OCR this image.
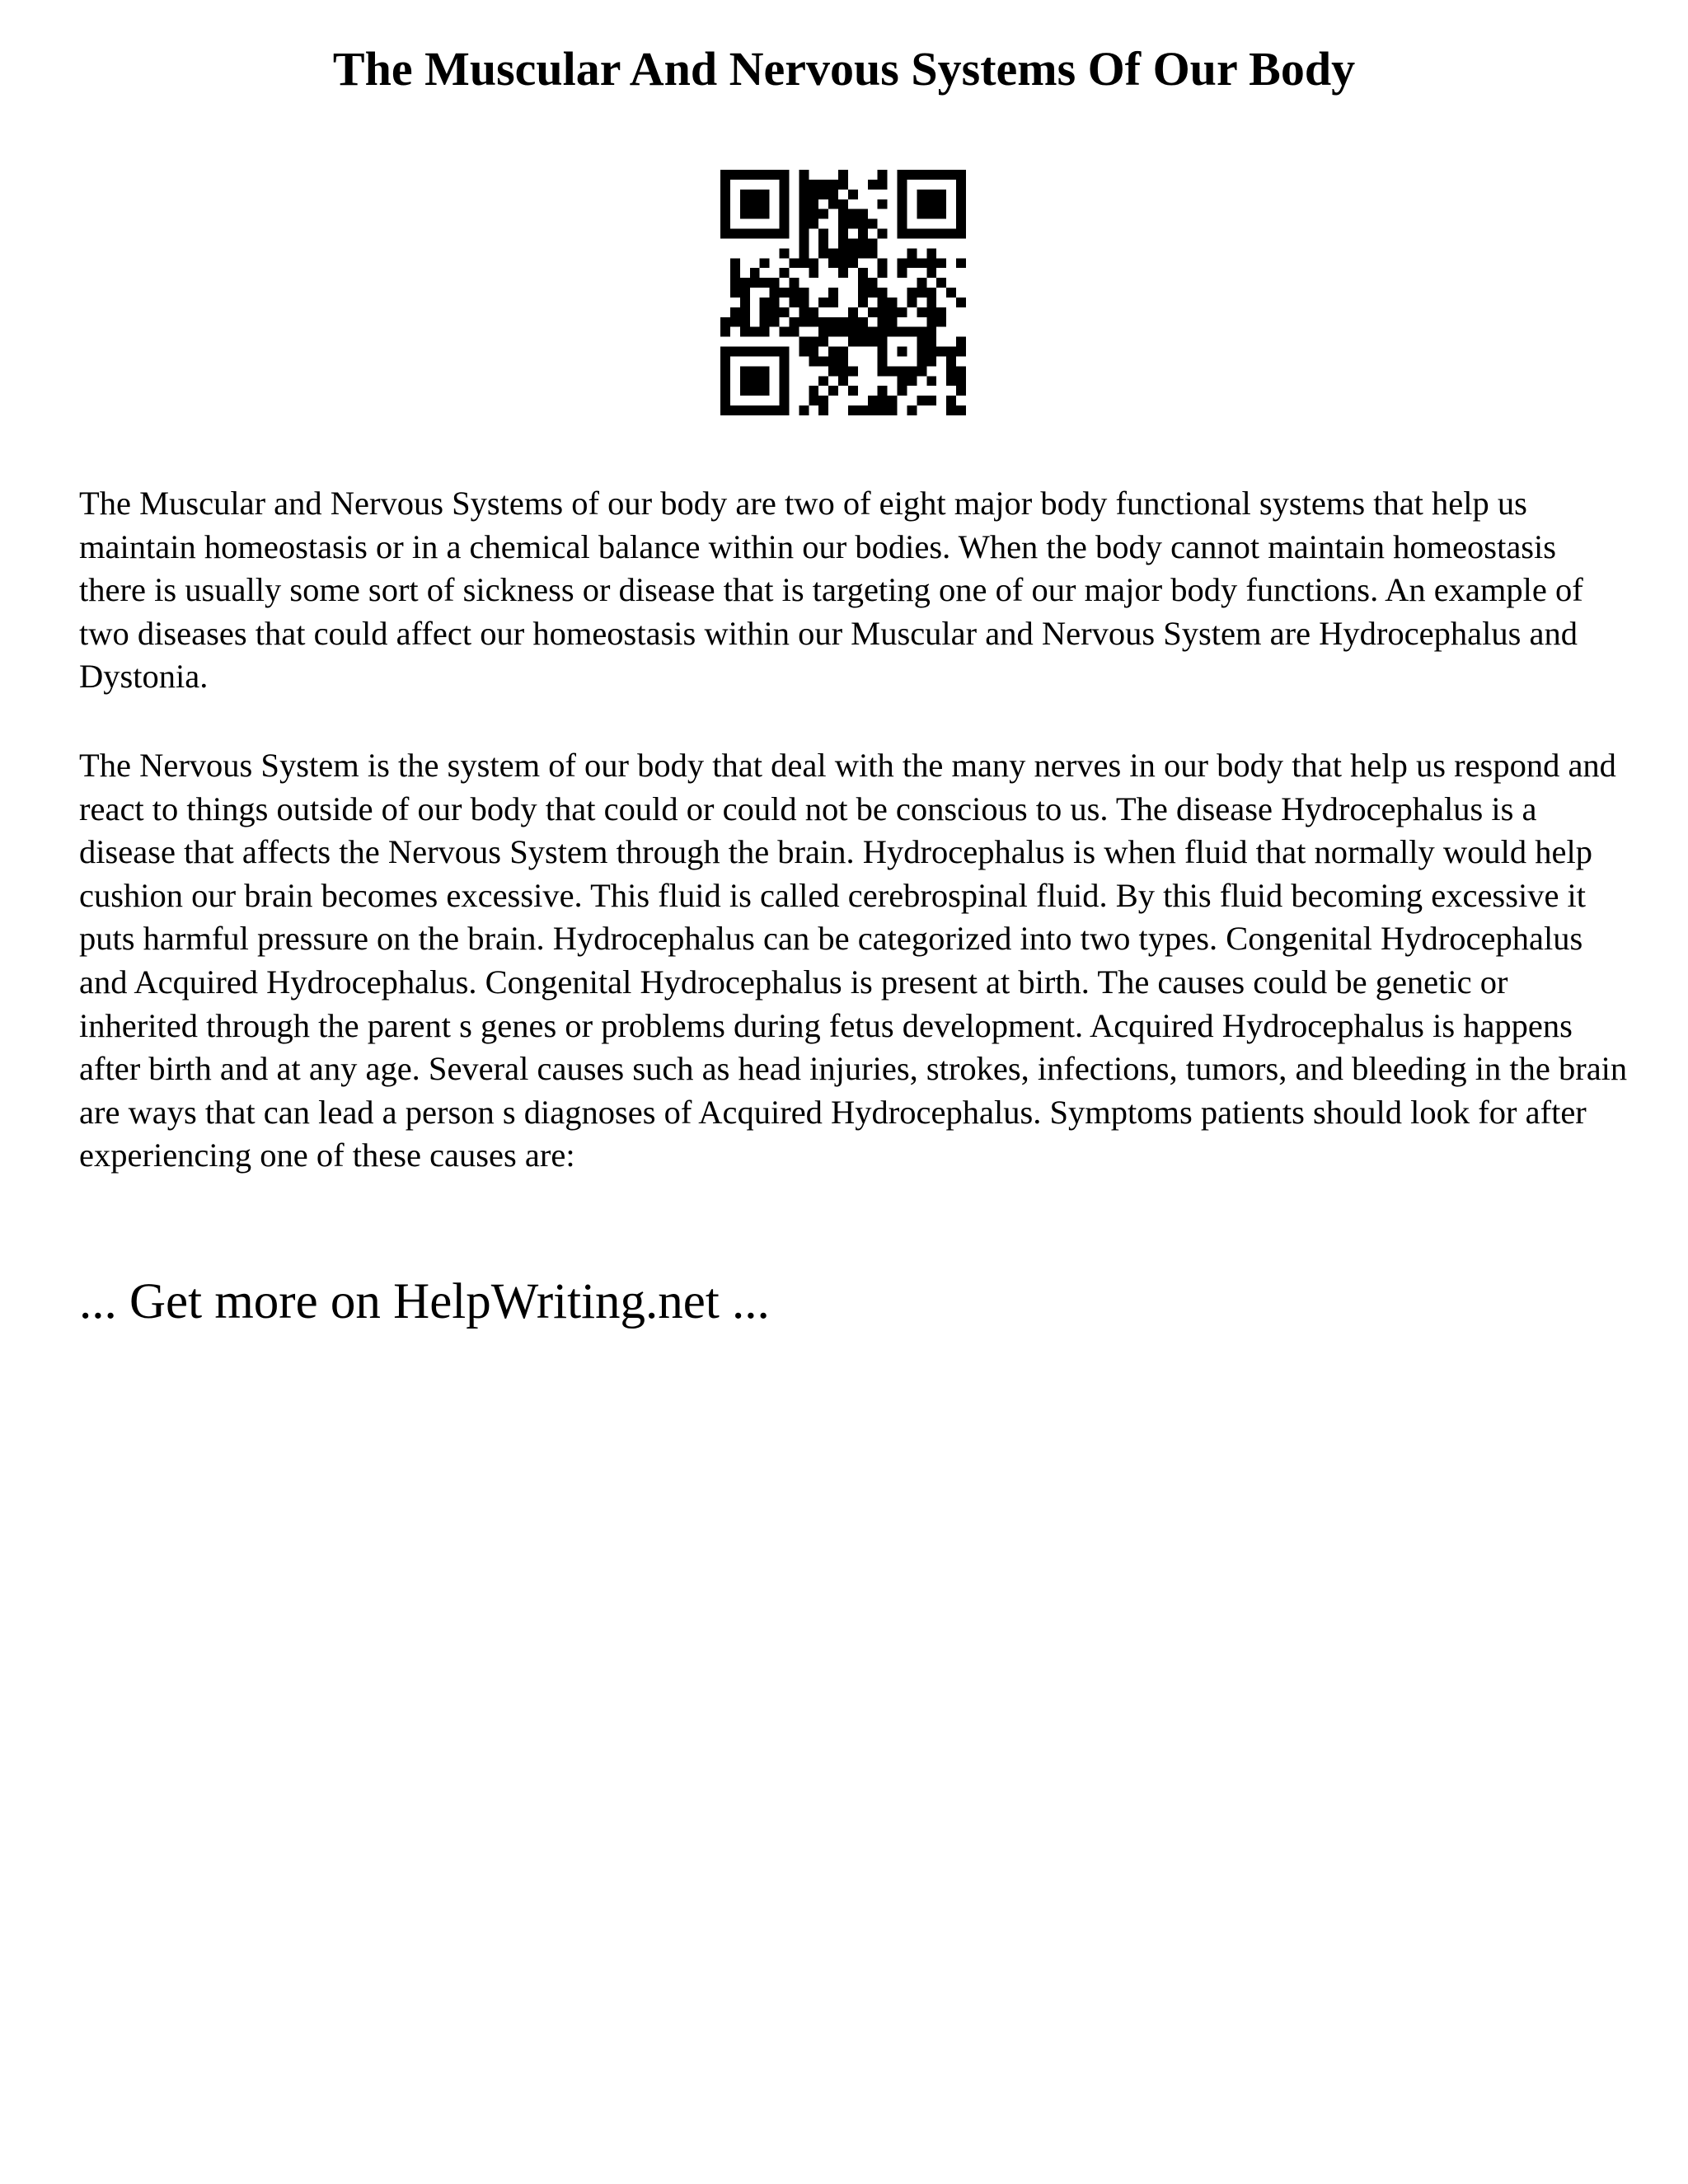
The Muscular And Nervous Systems Of Our Body

The Muscular and Nervous Systems of our body are two of eight major body functional systems that help us maintain homeostasis or in a chemical balance within our bodies. When the body cannot maintain homeostasis there is usually some sort of sickness or disease that is targeting one of our major body functions. An example of two diseases that could affect our homeostasis within our Muscular and Nervous System are Hydrocephalus and Dystonia.

The Nervous System is the system of our body that deal with the many nerves in our body that help us respond and react to things outside of our body that could or could not be conscious to us. The disease Hydrocephalus is a disease that affects the Nervous System through the brain. Hydrocephalus is when fluid that normally would help cushion our brain becomes excessive. This fluid is called cerebrospinal fluid. By this fluid becoming excessive it puts harmful pressure on the brain. Hydrocephalus can be categorized into two types. Congenital Hydrocephalus and Acquired Hydrocephalus. Congenital Hydrocephalus is present at birth. The causes could be genetic or inherited through the parent s genes or problems during fetus development. Acquired Hydrocephalus is happens after birth and at any age. Several causes such as head injuries, strokes, infections, tumors, and bleeding in the brain are ways that can lead a person s diagnoses of Acquired Hydrocephalus. Symptoms patients should look for after experiencing one of these causes are:

... Get more on HelpWriting.net ...
